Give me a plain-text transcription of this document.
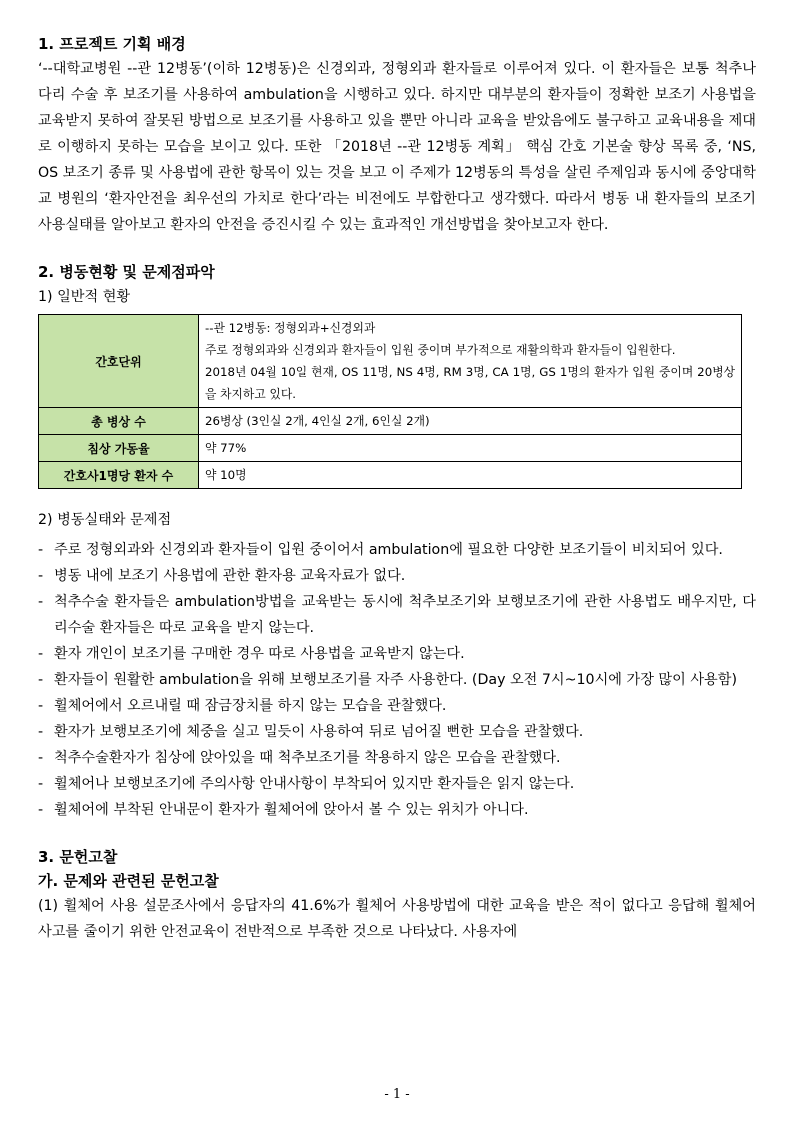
1. 프로젝트 기획 배경

‘--대학교병원 --관 12병동’(이하 12병동)은 신경외과, 정형외과 환자들로 이루어져 있다. 이 환자들은 보통 척추나 다리 수술 후 보조기를 사용하여 ambulation을 시행하고 있다. 하지만 대부분의 환자들이 정확한 보조기 사용법을 교육받지 못하여 잘못된 방법으로 보조기를 사용하고 있을 뿐만 아니라 교육을 받았음에도 불구하고 교육내용을 제대로 이행하지 못하는 모습을 보이고 있다. 또한 「2018년 --관 12병동 계획」 핵심 간호 기본술 향상 목록 중, ‘NS, OS 보조기 종류 및 사용법에 관한 항목이 있는 것을 보고 이 주제가 12병동의 특성을 살린 주제임과 동시에 중앙대학교 병원의 ‘환자안전을 최우선의 가치로 한다’라는 비전에도 부합한다고 생각했다. 따라서 병동 내 환자들의 보조기 사용실태를 알아보고 환자의 안전을 증진시킬 수 있는 효과적인 개선방법을 찾아보고자 한다.

2. 병동현황 및 문제점파악

1) 일반적 현황

간호단위	--관 12병동: 정형외과+신경외과
주로 정형외과와 신경외과 환자들이 입원 중이며 부가적으로 재활의학과 환자들이 입원한다.
2018년 04월 10일 현재, OS 11명, NS 4명, RM 3명, CA 1명, GS 1명의 환자가 입원 중이며 20병상을 차지하고 있다.

총 병상 수	26병상 (3인실 2개, 4인실 2개, 6인실 2개)
침상 가동율	약 77%
간호사1명당 환자 수	약 10명

2) 병동실태와 문제점

- 주로 정형외과와 신경외과 환자들이 입원 중이어서 ambulation에 필요한 다양한 보조기들이 비치되어 있다.
- 병동 내에 보조기 사용법에 관한 환자용 교육자료가 없다.
- 척추수술 환자들은 ambulation방법을 교육받는 동시에 척추보조기와 보행보조기에 관한 사용법도 배우지만, 다리수술 환자들은 따로 교육을 받지 않는다.
- 환자 개인이 보조기를 구매한 경우 따로 사용법을 교육받지 않는다.
- 환자들이 원활한 ambulation을 위해 보행보조기를 자주 사용한다. (Day 오전 7시~10시에 가장 많이 사용함)
- 휠체어에서 오르내릴 때 잠금장치를 하지 않는 모습을 관찰했다.
- 환자가 보행보조기에 체중을 실고 밀듯이 사용하여 뒤로 넘어질 뻔한 모습을 관찰했다.
- 척추수술환자가 침상에 앉아있을 때 척추보조기를 착용하지 않은 모습을 관찰했다.
- 휠체어나 보행보조기에 주의사항 안내사항이 부착되어 있지만 환자들은 읽지 않는다.
- 휠체어에 부착된 안내문이 환자가 휠체어에 앉아서 볼 수 있는 위치가 아니다.

3. 문헌고찰

가. 문제와 관련된 문헌고찰

(1) 휠체어 사용 설문조사에서 응답자의 41.6%가 휠체어 사용방법에 대한 교육을 받은 적이 없다고 응답해 휠체어 사고를 줄이기 위한 안전교육이 전반적으로 부족한 것으로 나타났다. 사용자에

- 1 -
